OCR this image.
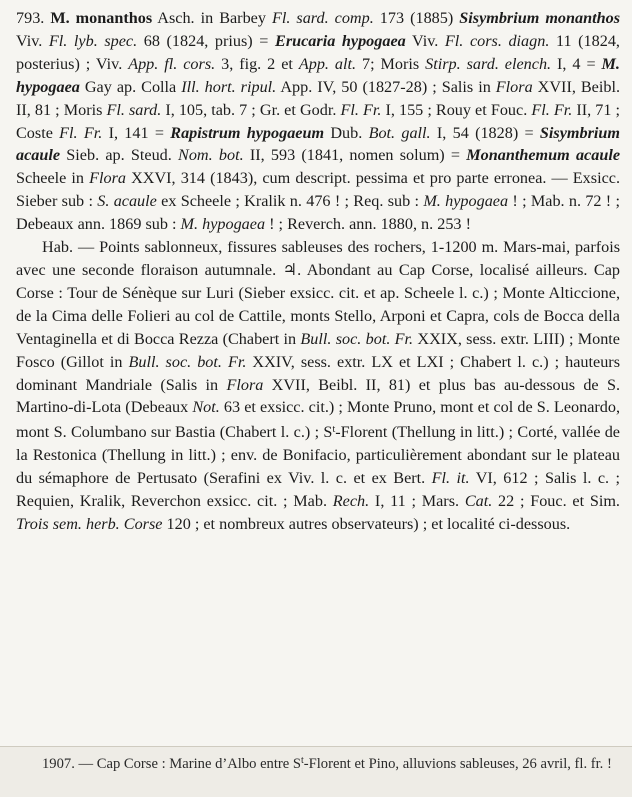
793. M. monanthos Asch. in Barbey Fl. sard. comp. 173 (1885) Sisymbrium monanthos Viv. Fl. lyb. spec. 68 (1824, prius) = Erucaria hypogaea Viv. Fl. cors. diagn. 11 (1824, posterius) ; Viv. App. fl. cors. 3, fig. 2 et App. alt. 7; Moris Stirp. sard. elench. I, 4 = M. hypogaea Gay ap. Colla Ill. hort. ripul. App. IV, 50 (1827-28) ; Salis in Flora XVII, Beibl. II, 81 ; Moris Fl. sard. I, 105, tab. 7 ; Gr. et Godr. Fl. Fr. I, 155 ; Rouy et Fouc. Fl. Fr. II, 71 ; Coste Fl. Fr. I, 141 = Rapistrum hypogaeum Dub. Bot. gall. I, 54 (1828) = Sisymbrium acaule Sieb. ap. Steud. Nom. bot. II, 593 (1841, nomen solum) = Monanthemum acaule Scheele in Flora XXVI, 314 (1843), cum descript. pessima et pro parte erronea. — Exsicc. Sieber sub : S. acaule ex Scheele ; Kralik n. 476 ! ; Req. sub : M. hypogaea ! ; Mab. n. 72 ! ; Debeaux ann. 1869 sub : M. hypogaea ! ; Reverch. ann. 1880, n. 253 !

Hab. — Points sablonneux, fissures sableuses des rochers, 1-1200 m. Mars-mai, parfois avec une seconde floraison autumnale. ♃. Abondant au Cap Corse, localisé ailleurs. Cap Corse : Tour de Sénèque sur Luri (Sieber exsicc. cit. et ap. Scheele l. c.) ; Monte Alticcione, de la Cima delle Folieri au col de Cattile, monts Stello, Arponi et Capra, cols de Bocca della Ventaginella et di Bocca Rezza (Chabert in Bull. soc. bot. Fr. XXIX, sess. extr. LIII) ; Monte Fosco (Gillot in Bull. soc. bot. Fr. XXIV, sess. extr. LX et LXI ; Chabert l. c.) ; hauteurs dominant Mandriale (Salis in Flora XVII, Beibl. II, 81) et plus bas au-dessous de S. Martino-di-Lota (Debeaux Not. 63 et exsicc. cit.) ; Monte Pruno, mont et col de S. Leonardo, mont S. Columbano sur Bastia (Chabert l. c.) ; $S^t$-Florent (Thellung in litt.) ; Corté, vallée de la Restonica (Thellung in litt.) ; env. de Bonifacio, particulièrement abondant sur le plateau du sémaphore de Pertusato (Serafini ex Viv. l. c. et ex Bert. Fl. it. VI, 612 ; Salis l. c. ; Requien, Kralik, Reverchon exsicc. cit. ; Mab. Rech. I, 11 ; Mars. Cat. 22 ; Fouc. et Sim. Trois sem. herb. Corse 120 ; et nombreux autres observateurs) ; et localité ci-dessous.

1907. — Cap Corse : Marine d’Albo entre $S^t$-Florent et Pino, alluvions sableuses, 26 avril, fl. fr. !
